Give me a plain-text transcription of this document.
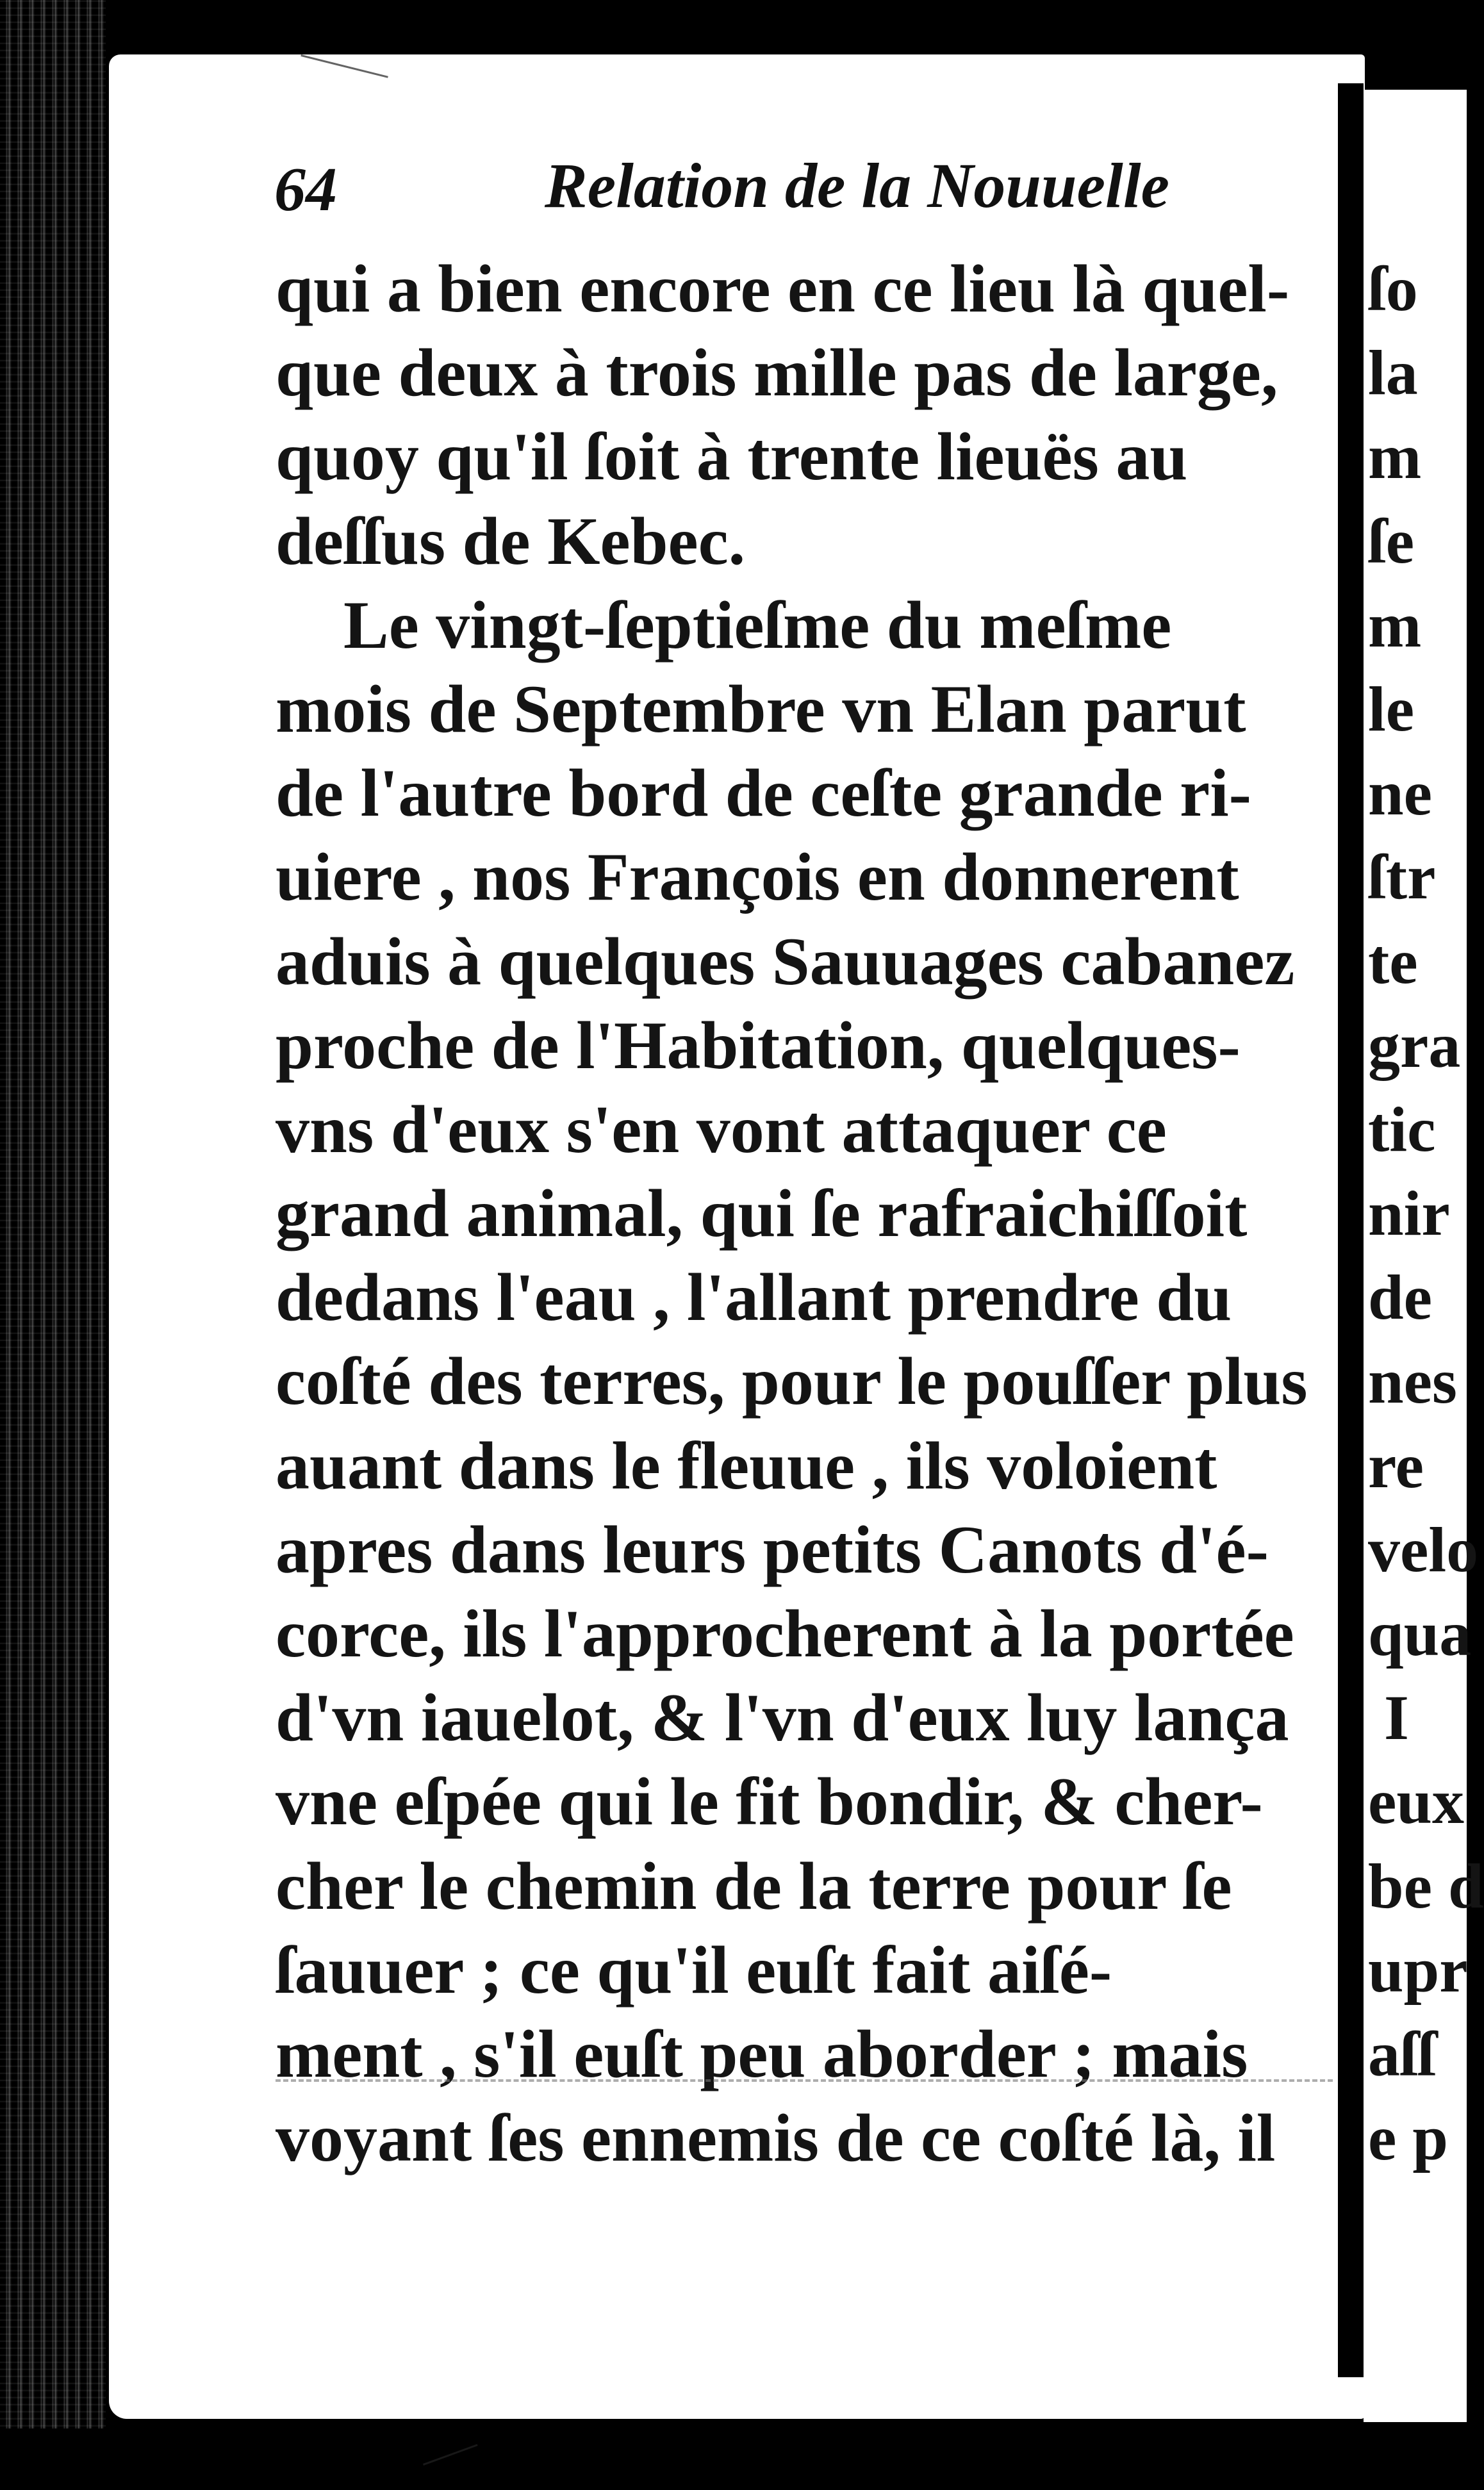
64	Relation de la Nouuelle
qui a bien encore en ce lieu là quel-
que deux à trois mille pas de large,
quoy qu'il ſoit à trente lieuës au
deſſus de Kebec.
Le vingt-ſeptieſme du meſme
mois de Septembre vn Elan parut
de l'autre bord de ceſte grande ri-
uiere , nos François en donnerent
aduis à quelques Sauuages cabanez
proche de l'Habitation, quelques-
vns d'eux s'en vont attaquer ce
grand animal, qui ſe rafraichiſſoit
dedans l'eau , l'allant prendre du
coſté des terres, pour le pouſſer plus
auant dans le fleuue , ils voloient
apres dans leurs petits Canots d'é-
corce, ils l'approcherent à la portée
d'vn iauelot, & l'vn d'eux luy lança
vne eſpée qui le fit bondir, & cher-
cher le chemin de la terre pour ſe
ſauuer ; ce qu'il euſt fait aiſé-
ment , s'il euſt peu aborder ; mais
voyant ſes ennemis de ce coſté là, il
ſo
la
m
ſe
m
le
ne
ſtr
te
gra
tic
nir
de
nes
re
velo
qua
I
eux
be d
upr
aſſ
e p
